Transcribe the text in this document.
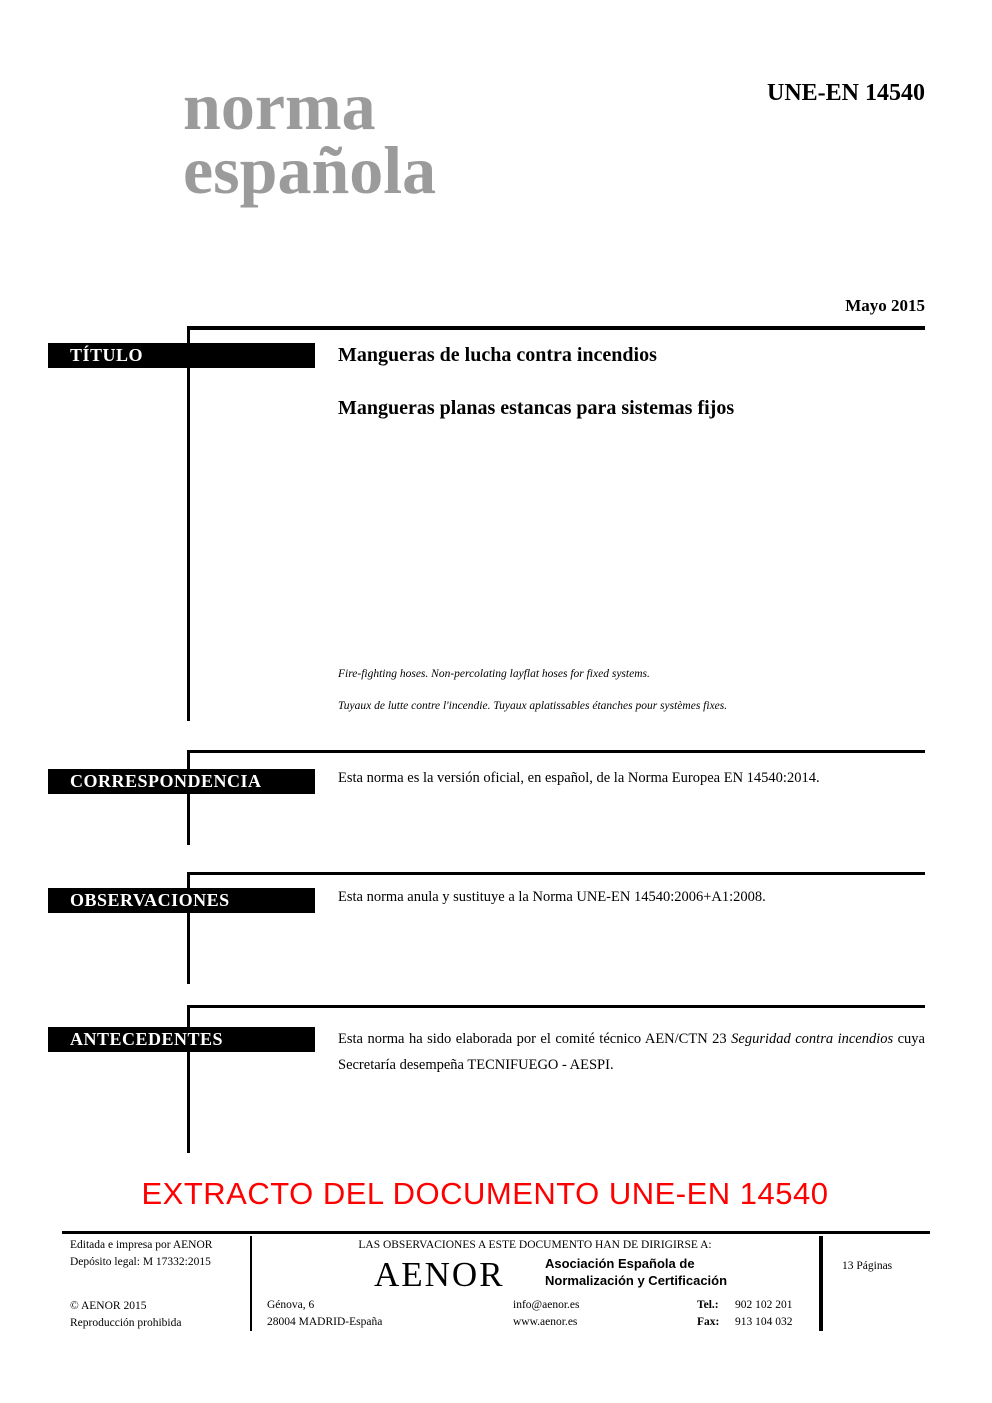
norma
española
UNE-EN 14540
Mayo 2015
TÍTULO
CORRESPONDENCIA
OBSERVACIONES
ANTECEDENTES
Mangueras de lucha contra incendios
Mangueras planas estancas para sistemas fijos
Fire-fighting hoses. Non-percolating layflat hoses for fixed systems.
Tuyaux de lutte contre l'incendie. Tuyaux aplatissables étanches pour systèmes fixes.
Esta norma es la versión oficial, en español, de la Norma Europea EN 14540:2014.
Esta norma anula y sustituye a la Norma UNE-EN 14540:2006+A1:2008.
Esta norma ha sido elaborada por el comité técnico AEN/CTN 23 Seguridad contra incendios cuya Secretaría desempeña TECNIFUEGO - AESPI.
EXTRACTO DEL DOCUMENTO UNE-EN 14540
Editada e impresa por AENOR
Depósito legal: M 17332:2015
© AENOR 2015
Reproducción prohibida
LAS OBSERVACIONES A ESTE DOCUMENTO HAN DE DIRIGIRSE A:
AENOR	Asociación Española de
Normalización y Certificación
Génova, 6
28004 MADRID-España
info@aenor.es
www.aenor.es
Tel.: 902 102 201
Fax: 913 104 032
13 Páginas
